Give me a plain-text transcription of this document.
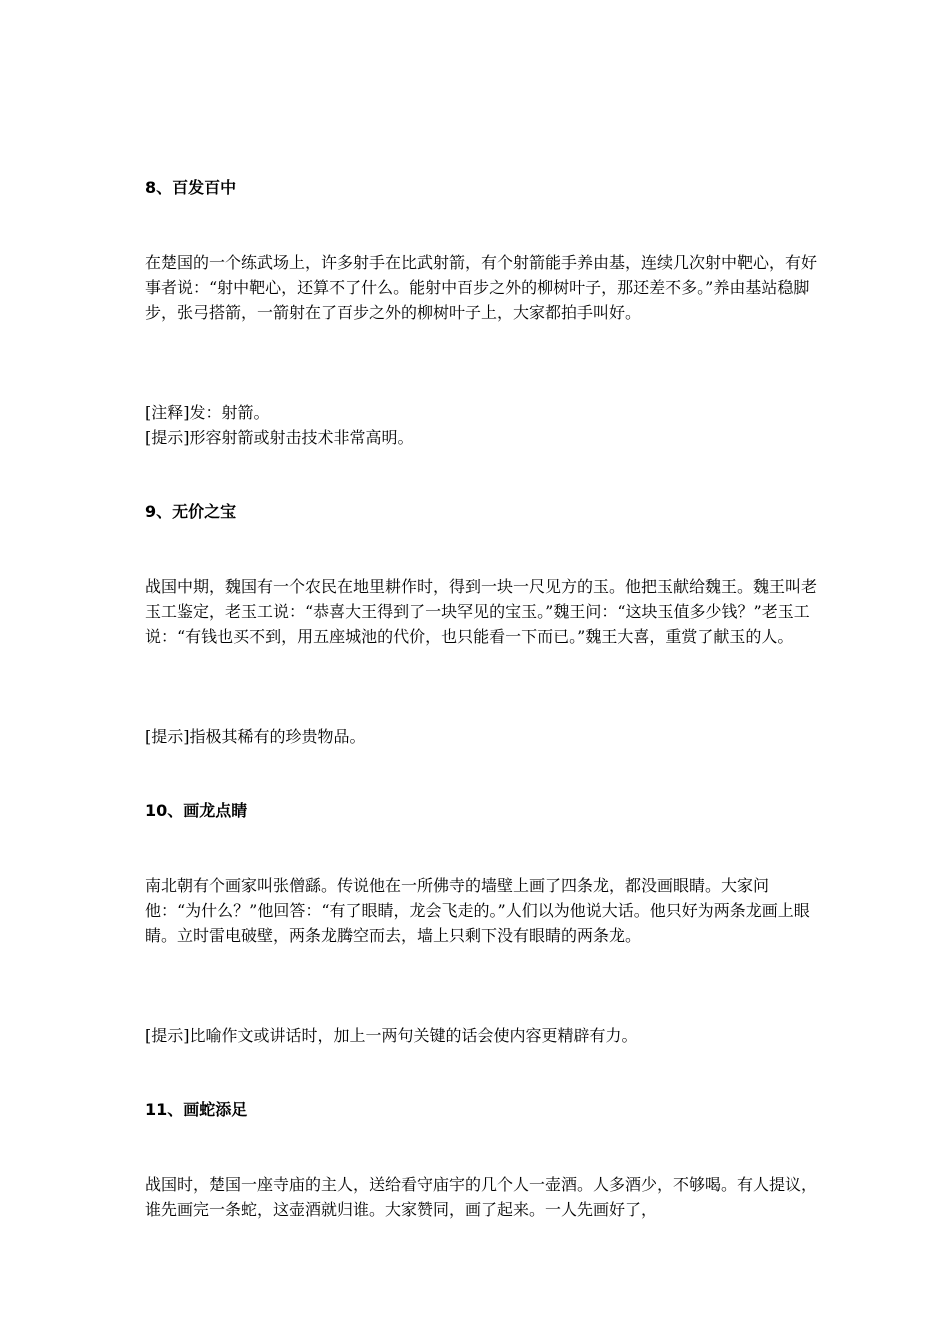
8、百发百中
在楚国的一个练武场上，许多射手在比武射箭，有个射箭能手养由基，连续几次射中靶心，有好事者说：“射中靶心，还算不了什么。能射中百步之外的柳树叶子，那还差不多。”养由基站稳脚步，张弓搭箭，一箭射在了百步之外的柳树叶子上，大家都拍手叫好。
[注释]发：射箭。
[提示]形容射箭或射击技术非常高明。
9、无价之宝
战国中期，魏国有一个农民在地里耕作时，得到一块一尺见方的玉。他把玉献给魏王。魏王叫老玉工鉴定，老玉工说：“恭喜大王得到了一块罕见的宝玉。”魏王问：“这块玉值多少钱？”老玉工说：“有钱也买不到，用五座城池的代价，也只能看一下而已。”魏王大喜，重赏了献玉的人。
[提示]指极其稀有的珍贵物品。
10、画龙点睛
南北朝有个画家叫张僧繇。传说他在一所佛寺的墙壁上画了四条龙，都没画眼睛。大家问他：“为什么？”他回答：“有了眼睛，龙会飞走的。”人们以为他说大话。他只好为两条龙画上眼睛。立时雷电破壁，两条龙腾空而去，墙上只剩下没有眼睛的两条龙。
[提示]比喻作文或讲话时，加上一两句关键的话会使内容更精辟有力。
11、画蛇添足
战国时，楚国一座寺庙的主人，送给看守庙宇的几个人一壶酒。人多酒少，不够喝。有人提议，谁先画完一条蛇，这壶酒就归谁。大家赞同，画了起来。一人先画好了，
